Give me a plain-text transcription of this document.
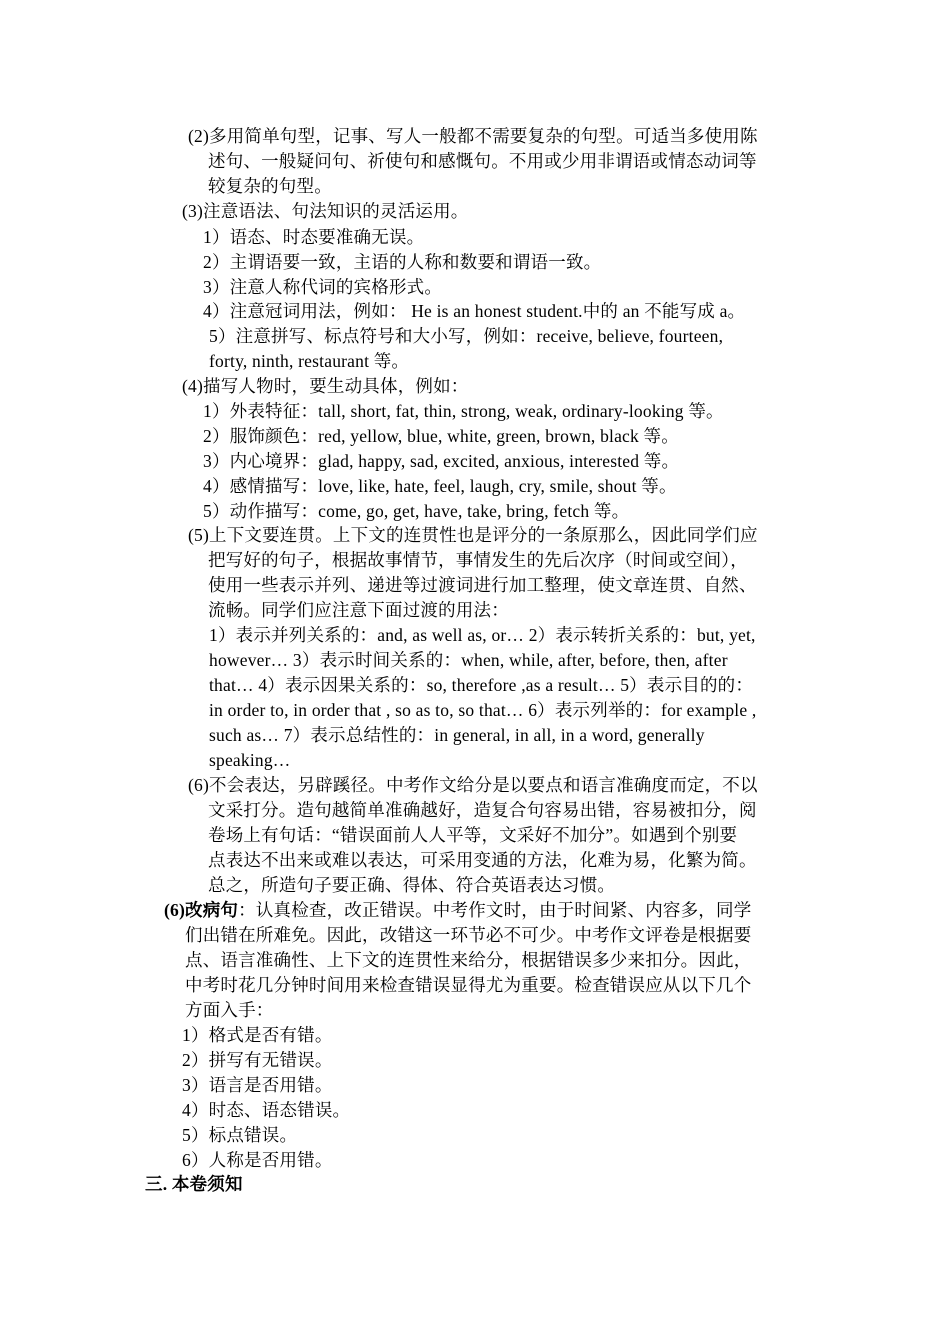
(2)多用简单句型，记事、写人一般都不需要复杂的句型。可适当多使用陈
述句、一般疑问句、祈使句和感慨句。不用或少用非谓语或情态动词等
较复杂的句型。
(3)注意语法、句法知识的灵活运用。
1）语态、时态要准确无误。
2）主谓语要一致，主语的人称和数要和谓语一致。
3）注意人称代词的宾格形式。
4）注意冠词用法，例如： He is an honest student.中的 an 不能写成 a。
5）注意拼写、标点符号和大小写，例如：receive, believe, fourteen,
forty, ninth, restaurant 等。
(4)描写人物时，要生动具体，例如：
1）外表特征：tall, short, fat, thin, strong, weak, ordinary-looking 等。
2）服饰颜色：red, yellow, blue, white, green, brown, black 等。
3）内心境界：glad, happy, sad, excited, anxious, interested 等。
4）感情描写：love, like, hate, feel, laugh, cry, smile, shout 等。
5）动作描写：come, go, get, have, take, bring, fetch 等。
(5)上下文要连贯。上下文的连贯性也是评分的一条原那么，因此同学们应
把写好的句子，根据故事情节，事情发生的先后次序（时间或空间），
使用一些表示并列、递进等过渡词进行加工整理，使文章连贯、自然、
流畅。同学们应注意下面过渡的用法：
1）表示并列关系的：and, as well as, or… 2）表示转折关系的：but, yet,
however… 3）表示时间关系的：when, while, after, before, then, after
that… 4）表示因果关系的：so, therefore ,as a result… 5）表示目的的：
in order to, in order that , so as to, so that… 6）表示列举的：for example ,
such as… 7）表示总结性的：in general, in all, in a word, generally
speaking…
(6)不会表达，另辟蹊径。中考作文给分是以要点和语言准确度而定，不以
文采打分。造句越简单准确越好，造复合句容易出错，容易被扣分，阅
卷场上有句话：“错误面前人人平等，文采好不加分”。如遇到个别要
点表达不出来或难以表达，可采用变通的方法，化难为易，化繁为简。
总之，所造句子要正确、得体、符合英语表达习惯。
(6)改病句：认真检查，改正错误。中考作文时，由于时间紧、内容多，同学
们出错在所难免。因此，改错这一环节必不可少。中考作文评卷是根据要
点、语言准确性、上下文的连贯性来给分，根据错误多少来扣分。因此，
中考时花几分钟时间用来检查错误显得尤为重要。检查错误应从以下几个
方面入手：
1）格式是否有错。
2）拼写有无错误。
3）语言是否用错。
4）时态、语态错误。
5）标点错误。
6）人称是否用错。
三. 本卷须知
